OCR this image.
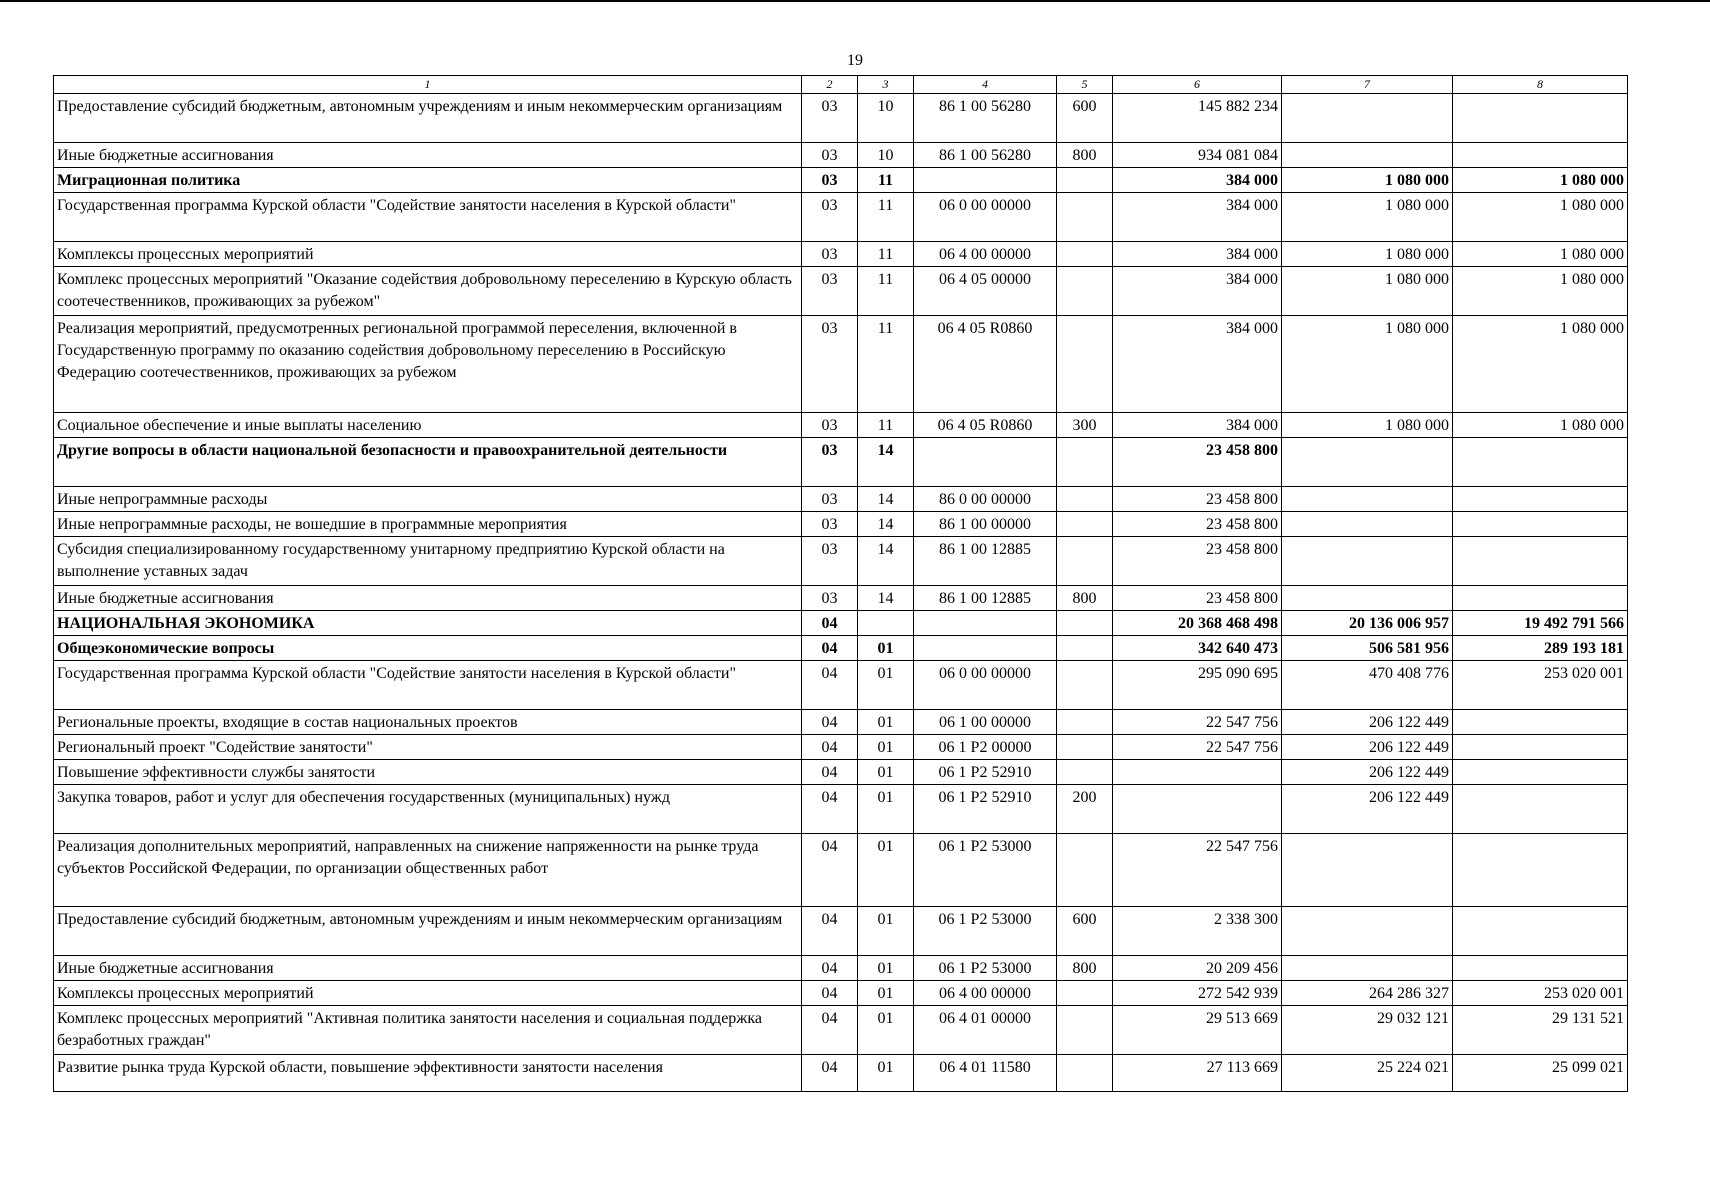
19
1	2	3	4	5	6	7	8
Предоставление субсидий бюджетным, автономным учреждениям и иным некоммерческим организациям	03	10	86 1 00 56280	600	145 882 234		
Иные бюджетные ассигнования	03	10	86 1 00 56280	800	934 081 084		
Миграционная политика	03	11			384 000	1 080 000	1 080 000
Государственная программа Курской области "Содействие занятости населения в Курской области"	03	11	06 0 00 00000		384 000	1 080 000	1 080 000
Комплексы процессных мероприятий	03	11	06 4 00 00000		384 000	1 080 000	1 080 000
Комплекс процессных мероприятий "Оказание содействия добровольному переселению в Курскую область соотечественников, проживающих за рубежом"	03	11	06 4 05 00000		384 000	1 080 000	1 080 000
Реализация мероприятий, предусмотренных региональной программой переселения, включенной в Государственную программу по оказанию содействия добровольному переселению в Российскую Федерацию соотечественников, проживающих за рубежом	03	11	06 4 05 R0860		384 000	1 080 000	1 080 000
Социальное обеспечение и иные выплаты населению	03	11	06 4 05 R0860	300	384 000	1 080 000	1 080 000
Другие вопросы в области национальной безопасности и правоохранительной деятельности	03	14			23 458 800		
Иные непрограммные расходы	03	14	86 0 00 00000		23 458 800		
Иные непрограммные расходы, не вошедшие в программные мероприятия	03	14	86 1 00 00000		23 458 800		
Субсидия специализированному государственному унитарному предприятию Курской области на выполнение уставных задач	03	14	86 1 00 12885		23 458 800		
Иные бюджетные ассигнования	03	14	86 1 00 12885	800	23 458 800		
НАЦИОНАЛЬНАЯ ЭКОНОМИКА	04				20 368 468 498	20 136 006 957	19 492 791 566
Общеэкономические вопросы	04	01			342 640 473	506 581 956	289 193 181
Государственная программа Курской области "Содействие занятости населения в Курской области"	04	01	06 0 00 00000		295 090 695	470 408 776	253 020 001
Региональные проекты, входящие в состав национальных проектов	04	01	06 1 00 00000		22 547 756	206 122 449	
Региональный проект "Содействие занятости"	04	01	06 1 P2 00000		22 547 756	206 122 449	
Повышение эффективности службы занятости	04	01	06 1 P2 52910			206 122 449	
Закупка товаров, работ и услуг для обеспечения государственных (муниципальных) нужд	04	01	06 1 P2 52910	200		206 122 449	
Реализация дополнительных мероприятий, направленных на снижение напряженности на рынке труда субъектов Российской Федерации, по организации общественных работ	04	01	06 1 P2 53000		22 547 756		
Предоставление субсидий бюджетным, автономным учреждениям и иным некоммерческим организациям	04	01	06 1 P2 53000	600	2 338 300		
Иные бюджетные ассигнования	04	01	06 1 P2 53000	800	20 209 456		
Комплексы процессных мероприятий	04	01	06 4 00 00000		272 542 939	264 286 327	253 020 001
Комплекс процессных мероприятий "Активная политика занятости населения и социальная поддержка безработных граждан"	04	01	06 4 01 00000		29 513 669	29 032 121	29 131 521
Развитие рынка труда Курской области, повышение эффективности занятости населения	04	01	06 4 01 11580		27 113 669	25 224 021	25 099 021
